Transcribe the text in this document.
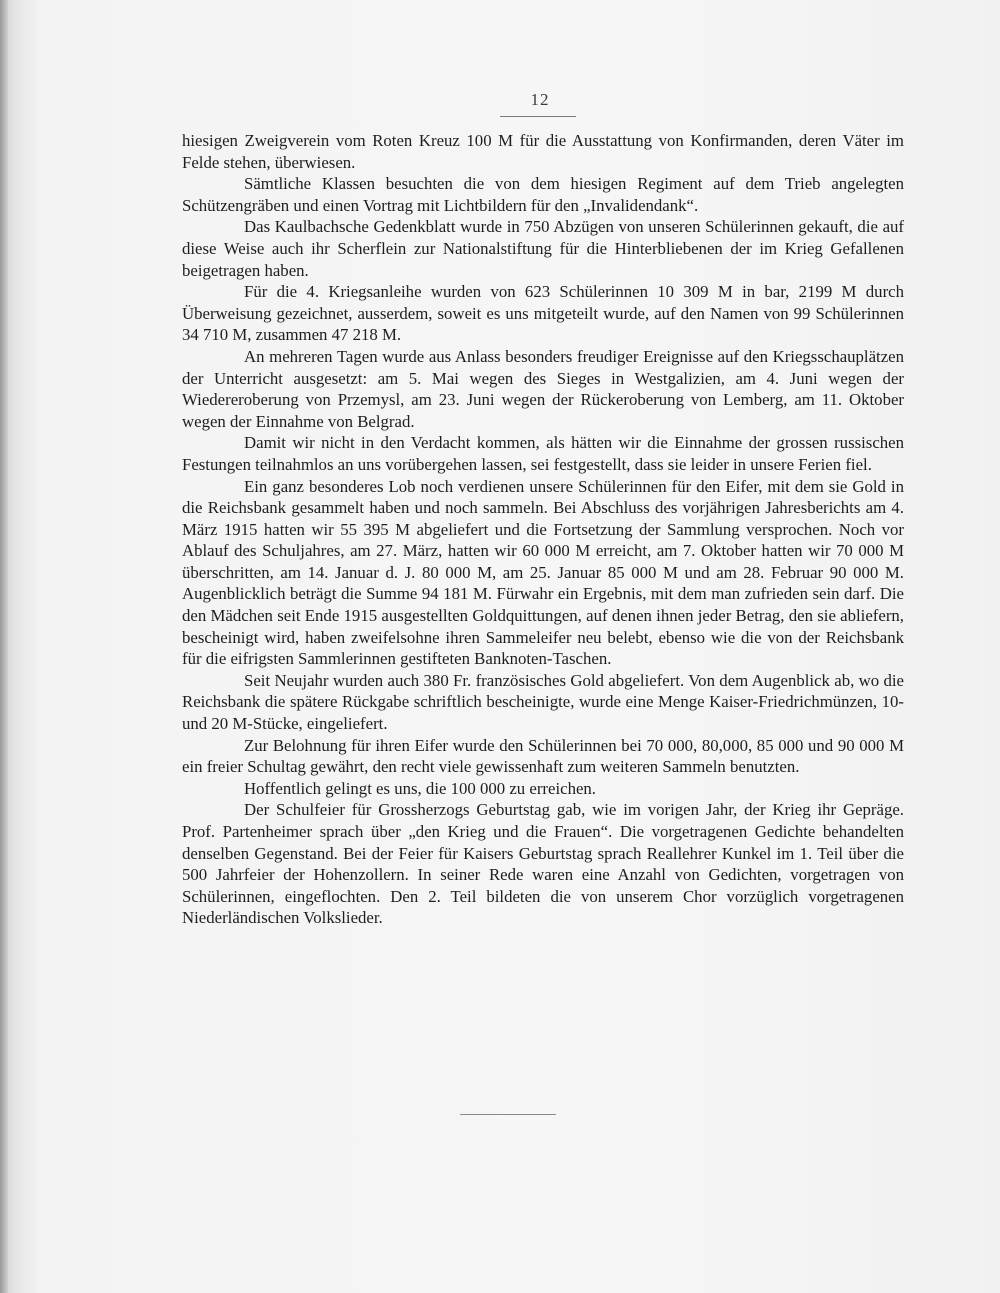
12

hiesigen Zweigverein vom Roten Kreuz 100 M für die Ausstattung von Konfirmanden, deren Väter im Felde stehen, überwiesen.

Sämtliche Klassen besuchten die von dem hiesigen Regiment auf dem Trieb angelegten Schützengräben und einen Vortrag mit Lichtbildern für den „Invalidendank“.

Das Kaulbachsche Gedenkblatt wurde in 750 Abzügen von unseren Schülerinnen gekauft, die auf diese Weise auch ihr Scherflein zur Nationalstiftung für die Hinterbliebenen der im Krieg Gefallenen beigetragen haben.

Für die 4. Kriegsanleihe wurden von 623 Schülerinnen 10 309 M in bar, 2199 M durch Überweisung gezeichnet, ausserdem, soweit es uns mitgeteilt wurde, auf den Namen von 99 Schülerinnen 34 710 M, zusammen 47 218 M.

An mehreren Tagen wurde aus Anlass besonders freudiger Ereignisse auf den Kriegsschauplätzen der Unterricht ausgesetzt: am 5. Mai wegen des Sieges in Westgalizien, am 4. Juni wegen der Wiedereroberung von Przemysl, am 23. Juni wegen der Rückeroberung von Lemberg, am 11. Oktober wegen der Einnahme von Belgrad.

Damit wir nicht in den Verdacht kommen, als hätten wir die Einnahme der grossen russischen Festungen teilnahmlos an uns vorübergehen lassen, sei festgestellt, dass sie leider in unsere Ferien fiel.

Ein ganz besonderes Lob noch verdienen unsere Schülerinnen für den Eifer, mit dem sie Gold in die Reichsbank gesammelt haben und noch sammeln. Bei Abschluss des vorjährigen Jahresberichts am 4. März 1915 hatten wir 55 395 M abgeliefert und die Fortsetzung der Sammlung versprochen. Noch vor Ablauf des Schuljahres, am 27. März, hatten wir 60 000 M erreicht, am 7. Oktober hatten wir 70 000 M überschritten, am 14. Januar d. J. 80 000 M, am 25. Januar 85 000 M und am 28. Februar 90 000 M. Augenblicklich beträgt die Summe 94 181 M. Fürwahr ein Ergebnis, mit dem man zufrieden sein darf. Die den Mädchen seit Ende 1915 ausgestellten Goldquittungen, auf denen ihnen jeder Betrag, den sie abliefern, bescheinigt wird, haben zweifelsohne ihren Sammeleifer neu belebt, ebenso wie die von der Reichsbank für die eifrigsten Sammlerinnen gestifteten Banknoten-Taschen.

Seit Neujahr wurden auch 380 Fr. französisches Gold abgeliefert. Von dem Augenblick ab, wo die Reichsbank die spätere Rückgabe schriftlich bescheinigte, wurde eine Menge Kaiser-Friedrichmünzen, 10- und 20 M-Stücke, eingeliefert.

Zur Belohnung für ihren Eifer wurde den Schülerinnen bei 70 000, 80,000, 85 000 und 90 000 M ein freier Schultag gewährt, den recht viele gewissenhaft zum weiteren Sammeln benutzten.

Hoffentlich gelingt es uns, die 100 000 zu erreichen.

Der Schulfeier für Grossherzogs Geburtstag gab, wie im vorigen Jahr, der Krieg ihr Gepräge. Prof. Partenheimer sprach über „den Krieg und die Frauen“. Die vorgetragenen Gedichte behandelten denselben Gegenstand. Bei der Feier für Kaisers Geburtstag sprach Reallehrer Kunkel im 1. Teil über die 500 Jahrfeier der Hohenzollern. In seiner Rede waren eine Anzahl von Gedichten, vorgetragen von Schülerinnen, eingeflochten. Den 2. Teil bildeten die von unserem Chor vorzüglich vorgetragenen Niederländischen Volkslieder.
